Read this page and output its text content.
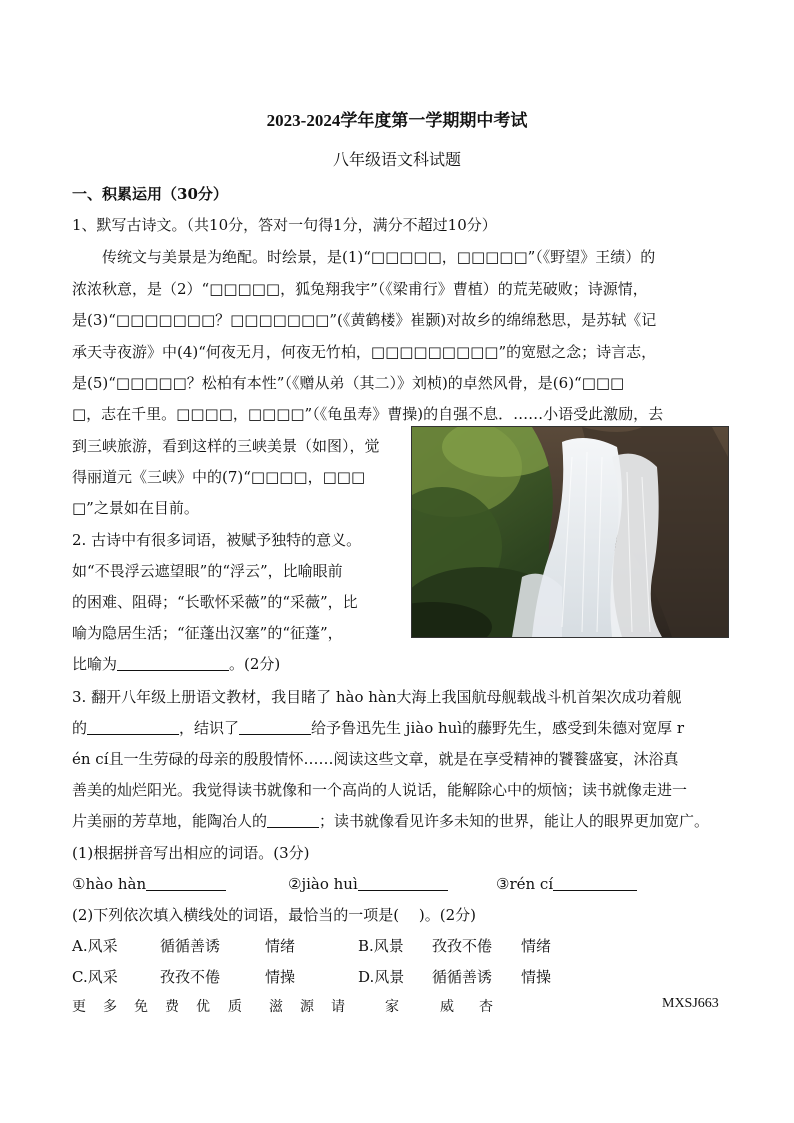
2023-2024学年度第一学期期中考试
八年级语文科试题
一、积累运用（30分）
1、默写古诗文。（共10分，答对一句得1分，满分不超过10分）
传统文与美景是为绝配。时绘景，是(1)“□□□□□，□□□□□”（《野望》王绩）的
浓浓秋意，是（2）“□□□□□，狐兔翔我宇”（《梁甫行》曹植）的荒芜破败；诗源情，
是(3)“□□□□□□□？□□□□□□□”(《黄鹤楼》崔颢)对故乡的绵绵愁思，是苏轼《记
承天寺夜游》中(4)“何夜无月，何夜无竹柏，□□□□□□□□□”的宽慰之念；诗言志，
是(5)“□□□□□？松柏有本性”（《赠从弟（其二）》刘桢)的卓然风骨，是(6)“□□□
□，志在千里。□□□□，□□□□”（《龟虽寿》曹操)的自强不息．……小语受此激励，去
到三峡旅游，看到这样的三峡美景（如图），觉
得丽道元《三峡》中的(7)“□□□□，□□□
□”之景如在目前。
2. 古诗中有很多词语，被赋予独特的意义。
如“不畏浮云遮望眼”的“浮云”，比喻眼前
的困难、阻碍；“长歌怀采薇”的“采薇”，比
喻为隐居生活；“征蓬出汉塞”的“征蓬”，
比喻为	。(2分)
3. 翻开八年级上册语文教材，我目睹了 hào hàn大海上我国航母舰载战斗机首架次成功着舰
的	，结识了	给予鲁迅先生 jiào huì的藤野先生，感受到朱德对宽厚 r
én cí且一生劳碌的母亲的殷殷情怀……阅读这些文章，就是在享受精神的饕餮盛宴，沐浴真
善美的灿烂阳光。我觉得读书就像和一个高尚的人说话，能解除心中的烦恼；读书就像走进一
片美丽的芳草地，能陶冶人的	；读书就像看见许多未知的世界，能让人的眼界更加宽广。
(1)根据拼音写出相应的词语。(3分)
①hào hàn	②jiào huì	③rén cí
(2)下列依次填入横线处的词语，最恰当的一项是(　 )。(2分)
A.风采	循循善诱	情绪	B.风景 孜孜不倦 情绪
C.风采	孜孜不倦	情操	D.风景 循循善诱 情操
更 多 免 费 优 质 滋 源 请	家	威 杏	MXSJ663
